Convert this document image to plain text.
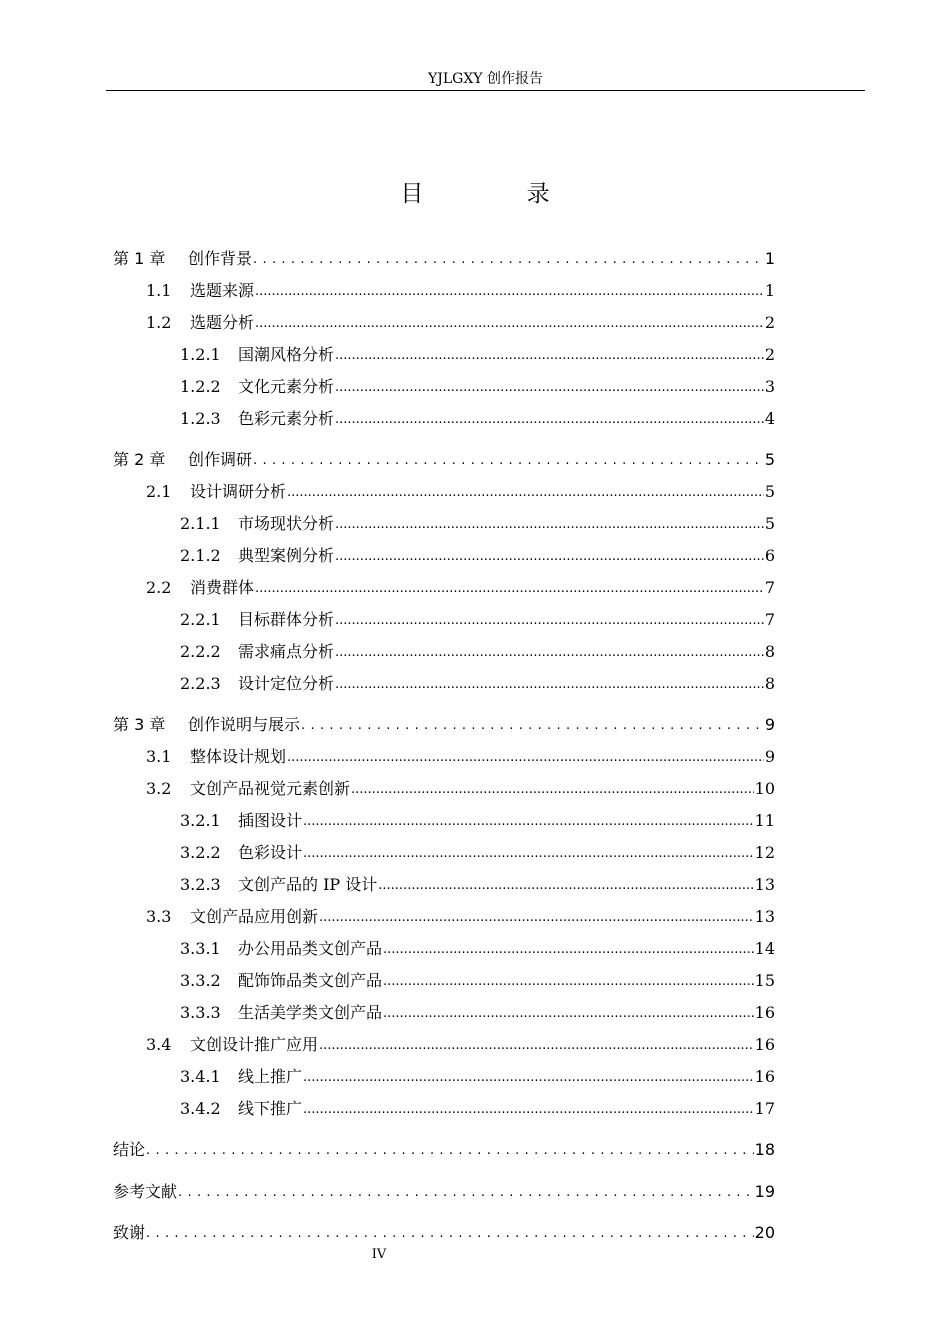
YJLGXY 创作报告
目 录
第 1 章	创作背景 . . .	1
1.1	选题来源 .....	1
1.2	选题分析 .....	2
1.2.1	国潮风格分析 .....	2
1.2.2	文化元素分析 .....	3
1.2.3	色彩元素分析 .....	4
第 2 章	创作调研 . . .	5
2.1	设计调研分析 .....	5
2.1.1	市场现状分析 .....	5
2.1.2	典型案例分析 .....	6
2.2	消费群体 .....	7
2.2.1	目标群体分析 .....	7
2.2.2	需求痛点分析 .....	8
2.2.3	设计定位分析 .....	8
第 3 章	创作说明与展示 . . .	9
3.1	整体设计规划 .....	9
3.2	文创产品视觉元素创新 .....	10
3.2.1	插图设计 .....	11
3.2.2	色彩设计 .....	12
3.2.3	文创产品的 IP 设计 .....	13
3.3	文创产品应用创新 .....	13
3.3.1	办公用品类文创产品 .....	14
3.3.2	配饰饰品类文创产品 .....	15
3.3.3	生活美学类文创产品 .....	16
3.4	文创设计推广应用 .....	16
3.4.1	线上推广 .....	16
3.4.2	线下推广 .....	17
结论 . . .	18
参考文献 . . .	19
致谢 . . .	20
IV
